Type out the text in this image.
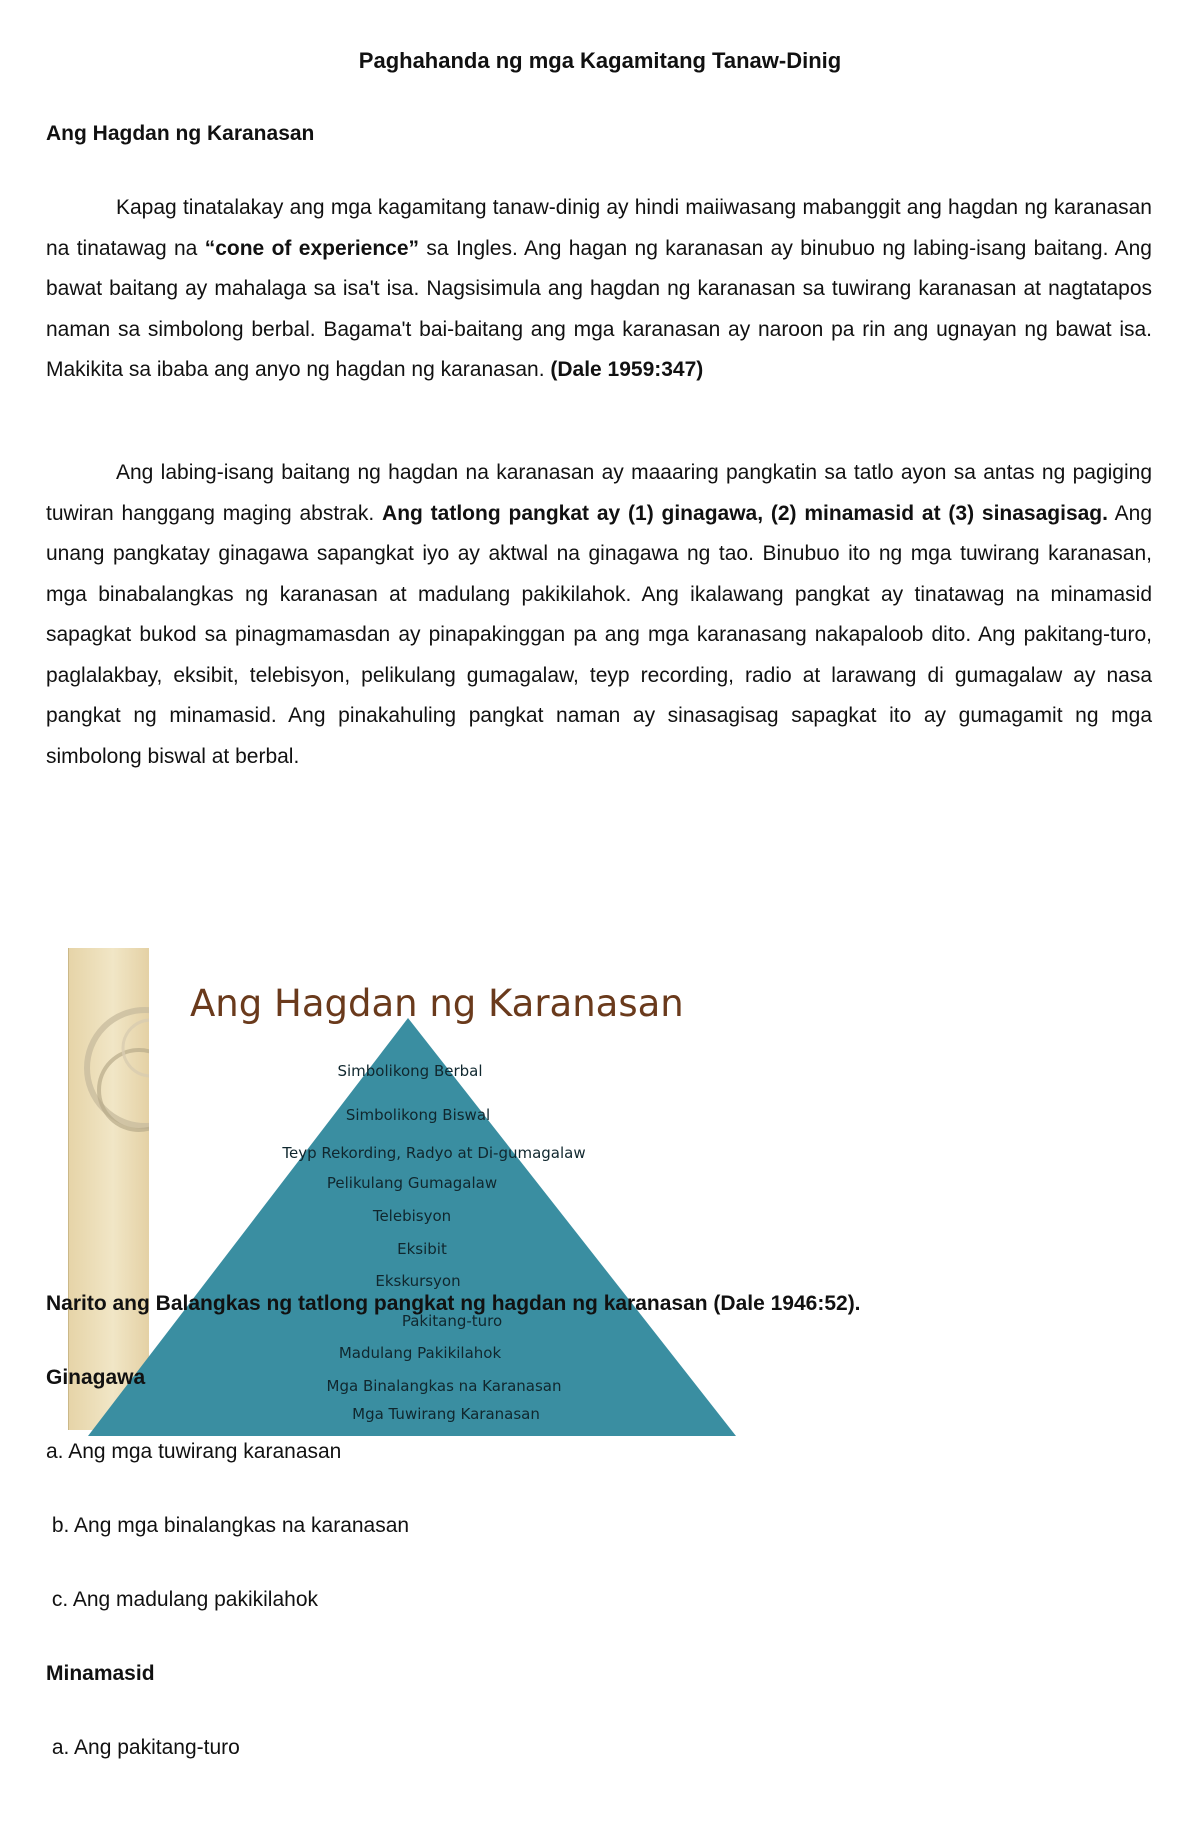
Paghahanda ng mga Kagamitang Tanaw-Dinig
Ang Hagdan ng Karanasan

Kapag tinatalakay ang mga kagamitang tanaw-dinig ay hindi maiiwasang mabanggit ang hagdan ng karanasan na tinatawag na “cone of experience” sa Ingles. Ang hagan ng karanasan ay binubuo ng labing-isang baitang. Ang bawat baitang ay mahalaga sa isa't isa. Nagsisimula ang hagdan ng karanasan sa tuwirang karanasan at nagtatapos naman sa simbolong berbal. Bagama't bai-baitang ang mga karanasan ay naroon pa rin ang ugnayan ng bawat isa. Makikita sa ibaba ang anyo ng hagdan ng karanasan. (Dale 1959:347)

Ang labing-isang baitang ng hagdan na karanasan ay maaaring pangkatin sa tatlo ayon sa antas ng pagiging tuwiran hanggang maging abstrak. Ang tatlong pangkat ay (1) ginagawa, (2) minamasid at (3) sinasagisag. Ang unang pangkatay ginagawa sapangkat iyo ay aktwal na ginagawa ng tao. Binubuo ito ng mga tuwirang karanasan, mga binabalangkas ng karanasan at madulang pakikilahok. Ang ikalawang pangkat ay tinatawag na minamasid sapagkat bukod sa pinagmamasdan ay pinapakinggan pa ang mga karanasang nakapaloob dito. Ang pakitang-turo, paglalakbay, eksibit, telebisyon, pelikulang gumagalaw, teyp recording, radio at larawang di gumagalaw ay nasa pangkat ng minamasid. Ang pinakahuling pangkat naman ay sinasagisag sapagkat ito ay gumagamit ng mga simbolong biswal at berbal.

Ang Hagdan ng Karanasan
Simbolikong Berbal
Simbolikong Biswal
Teyp Rekording, Radyo at Di-gumagalaw
Pelikulang Gumagalaw
Telebisyon
Eksibit
Ekskursyon
Pakitang-turo
Madulang Pakikilahok
Mga Binalangkas na Karanasan
Mga Tuwirang Karanasan

Narito ang Balangkas ng tatlong pangkat ng hagdan ng karanasan (Dale 1946:52).

Ginagawa

a. Ang mga tuwirang karanasan

b. Ang mga binalangkas na karanasan

c. Ang madulang pakikilahok

Minamasid

a. Ang pakitang-turo
